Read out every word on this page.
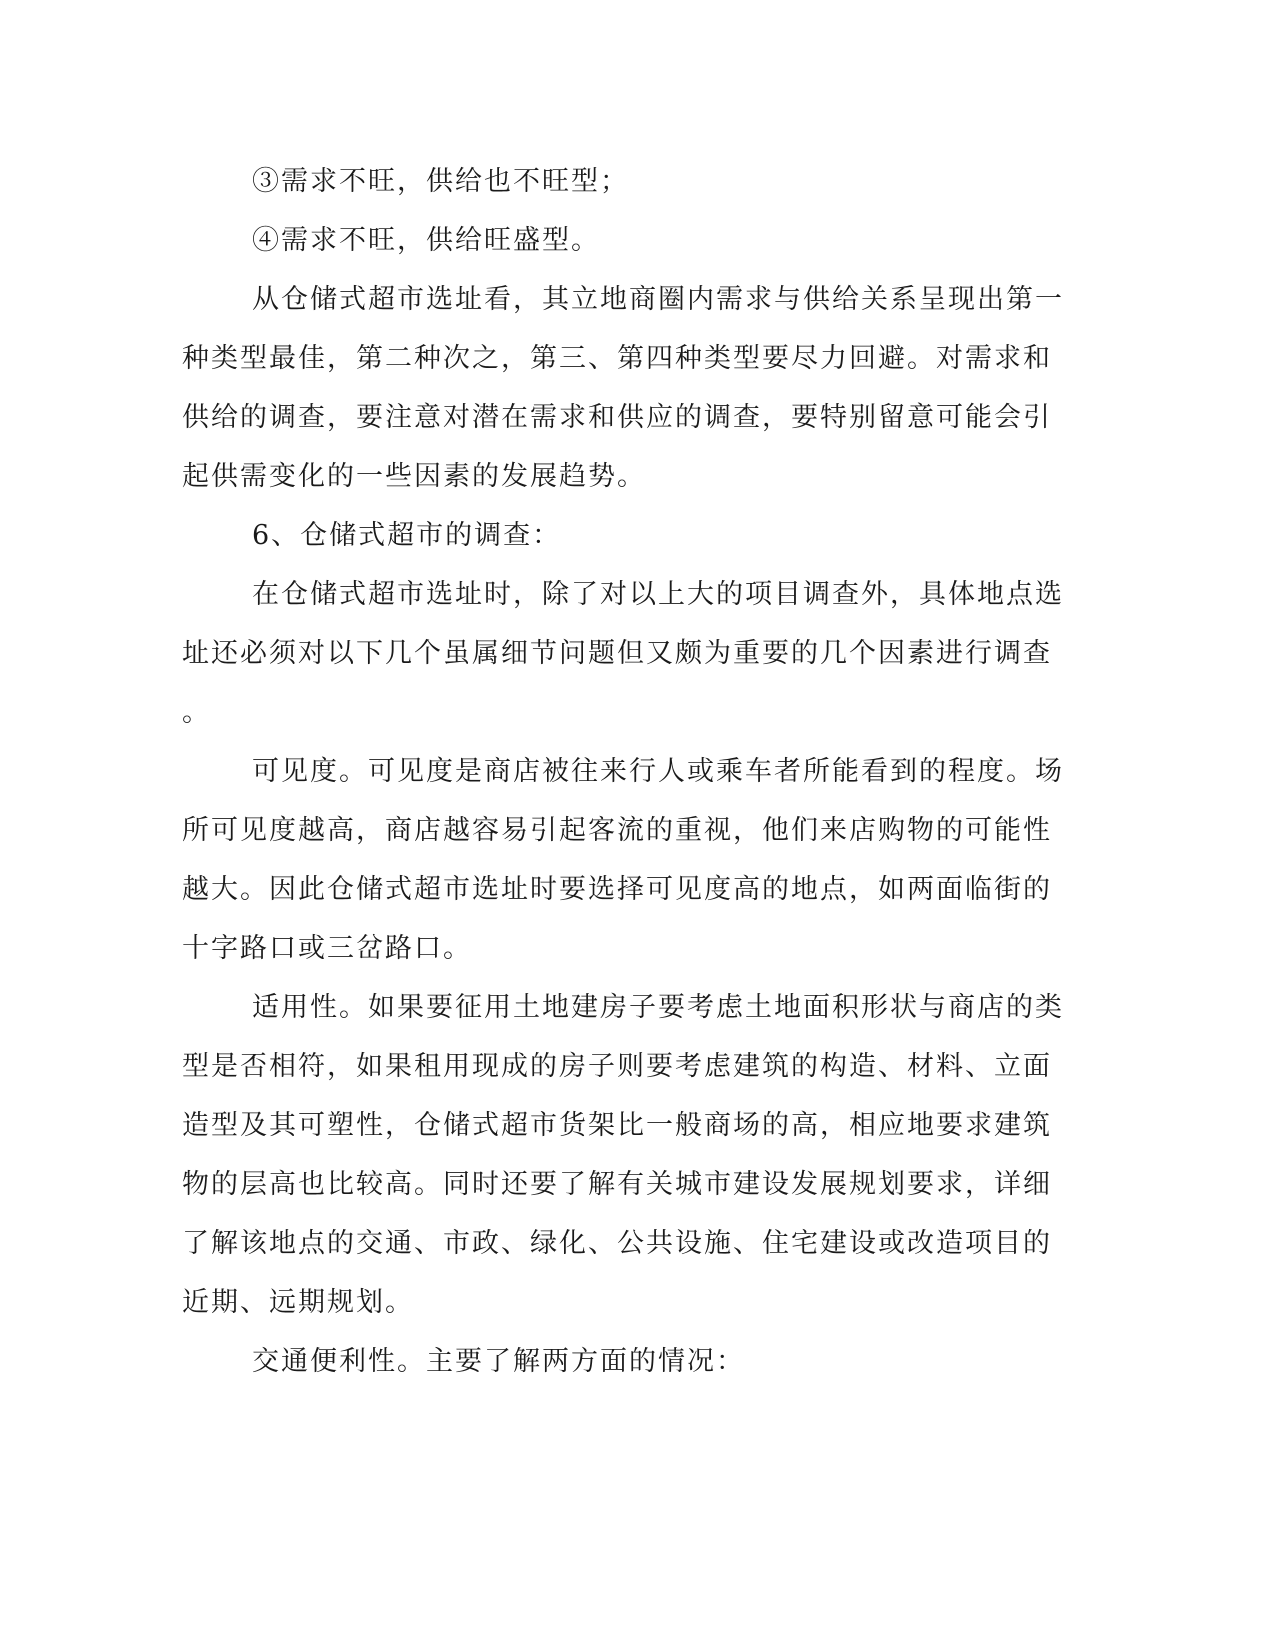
③需求不旺，供给也不旺型；
④需求不旺，供给旺盛型。
从仓储式超市选址看，其立地商圈内需求与供给关系呈现出第一
种类型最佳，第二种次之，第三、第四种类型要尽力回避。对需求和
供给的调查，要注意对潜在需求和供应的调查，要特别留意可能会引
起供需变化的一些因素的发展趋势。
6、仓储式超市的调查：
在仓储式超市选址时，除了对以上大的项目调查外，具体地点选
址还必须对以下几个虽属细节问题但又颇为重要的几个因素进行调查
。
可见度。可见度是商店被往来行人或乘车者所能看到的程度。场
所可见度越高，商店越容易引起客流的重视，他们来店购物的可能性
越大。因此仓储式超市选址时要选择可见度高的地点，如两面临街的
十字路口或三岔路口。
适用性。如果要征用土地建房子要考虑土地面积形状与商店的类
型是否相符，如果租用现成的房子则要考虑建筑的构造、材料、立面
造型及其可塑性，仓储式超市货架比一般商场的高，相应地要求建筑
物的层高也比较高。同时还要了解有关城市建设发展规划要求，详细
了解该地点的交通、市政、绿化、公共设施、住宅建设或改造项目的
近期、远期规划。
交通便利性。主要了解两方面的情况：
